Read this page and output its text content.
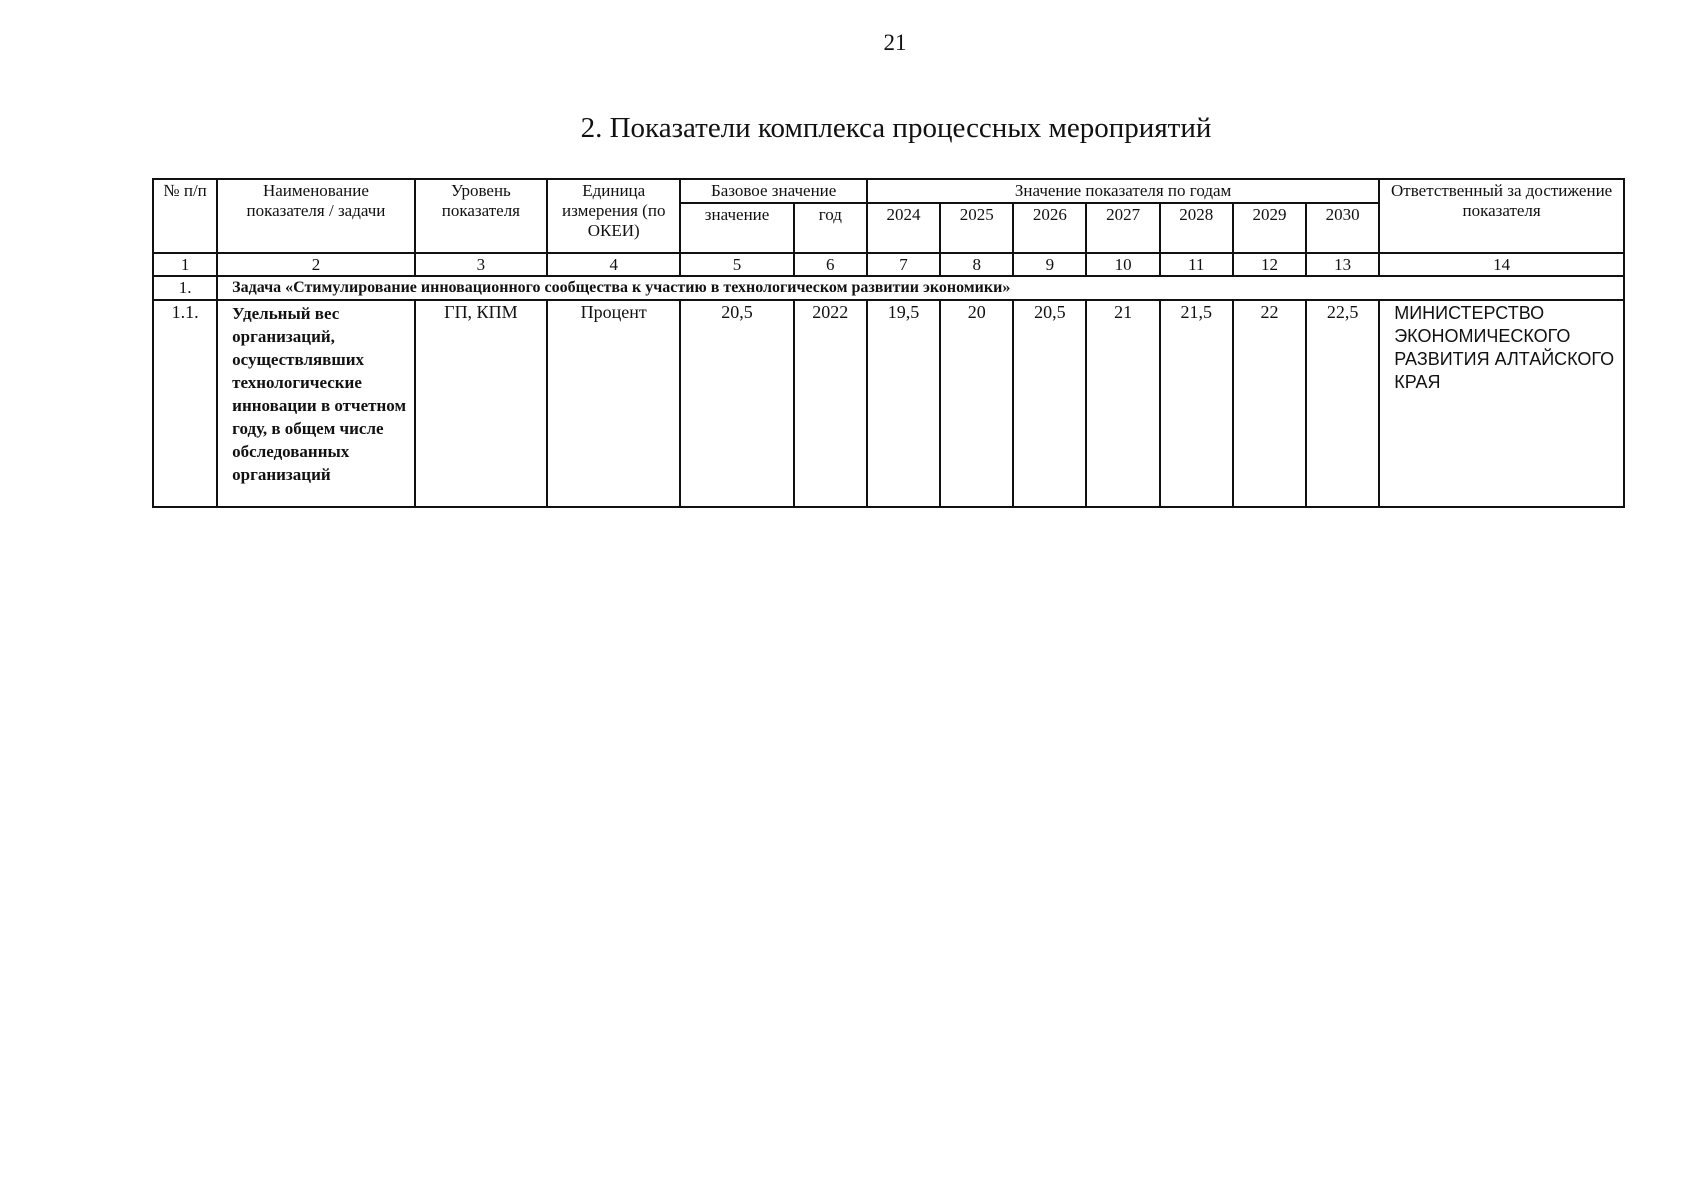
21
2. Показатели комплекса процессных мероприятий
№ п/п	Наименование показателя / задачи	Уровень показателя	Единица измерения (по ОКЕИ)	Базовое значение		Значение показателя по годам							Ответственный за достижение показателя
				значение	год	2024	2025	2026	2027	2028	2029	2030	
1	2	3	4	5	6	7	8	9	10	11	12	13	14
1.	Задача «Стимулирование инновационного сообщества к участию в технологическом развитии экономики»												
1.1.	Удельный вес организаций, осуществлявших технологические инновации в отчетном году, в общем числе обследованных организаций	ГП, КПМ	Процент	20,5	2022	19,5	20	20,5	21	21,5	22	22,5	МИНИСТЕРСТВО ЭКОНОМИЧЕСКОГО РАЗВИТИЯ АЛТАЙСКОГО КРАЯ
